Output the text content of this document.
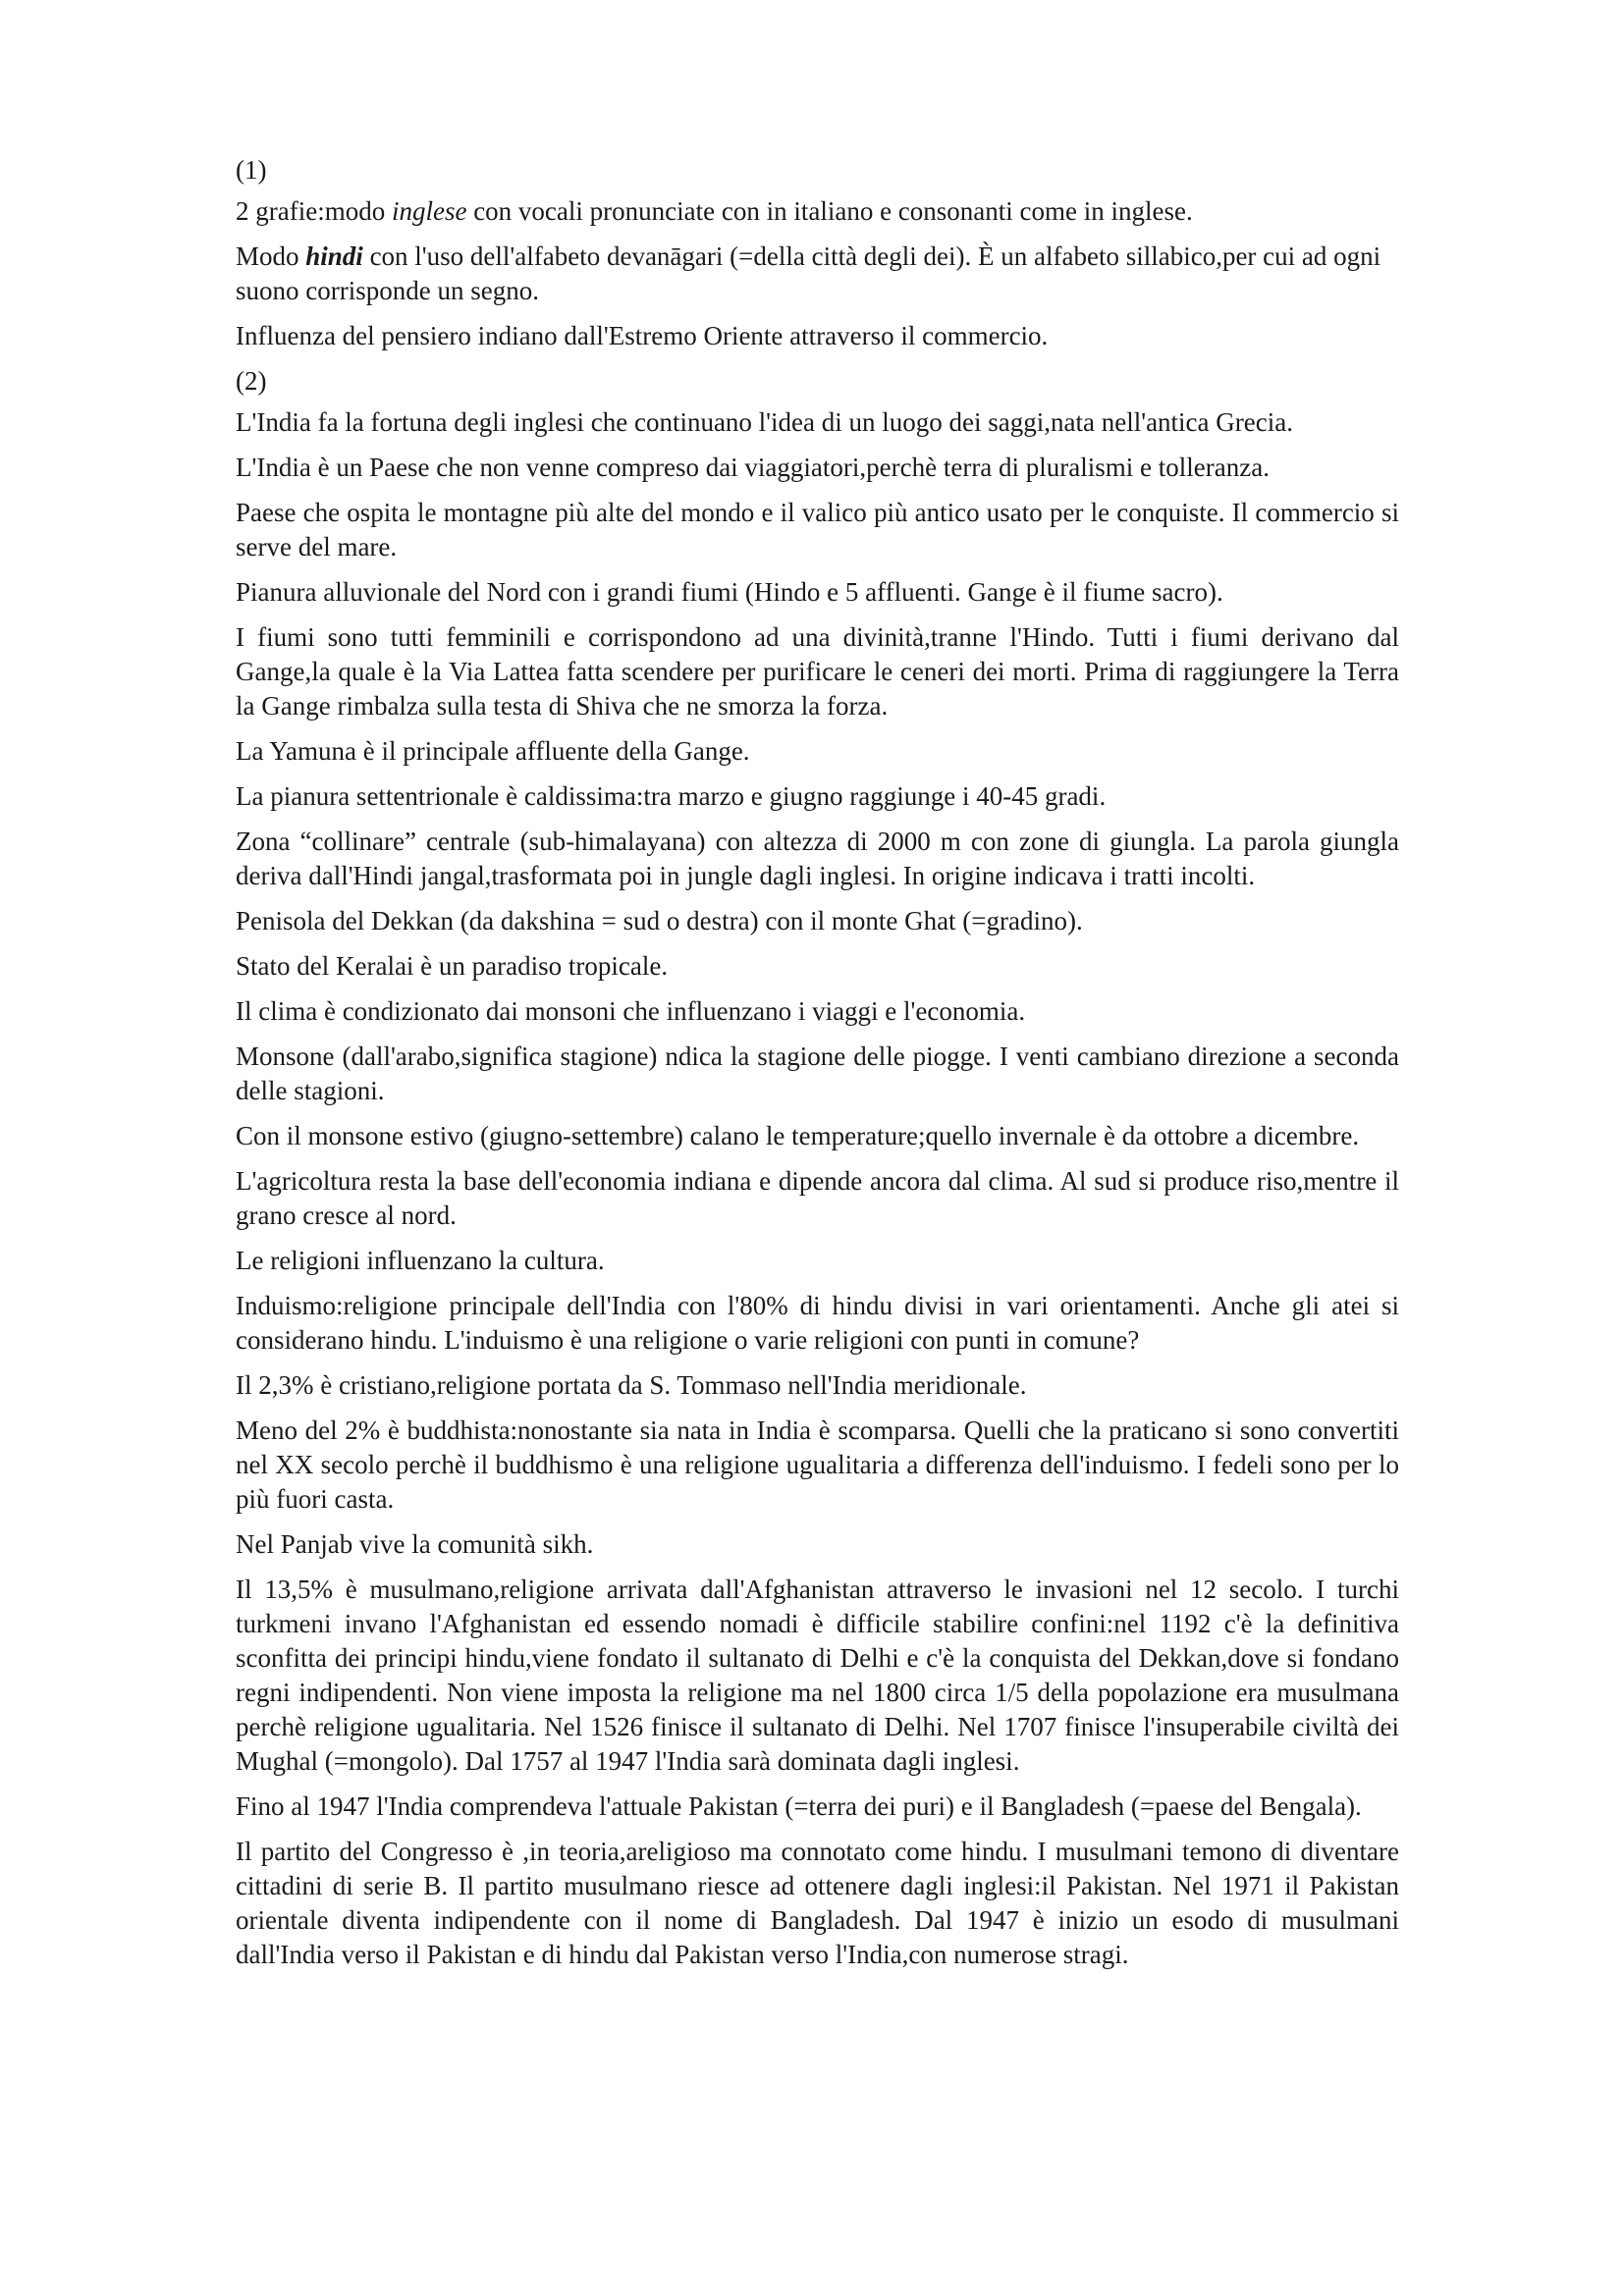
(1)

2 grafie:modo inglese con vocali pronunciate con in italiano e consonanti come in inglese.

Modo hindi con l'uso dell'alfabeto devanāgari (=della città degli dei). È un alfabeto sillabico,per cui ad ogni suono corrisponde un segno.

Influenza del pensiero indiano dall'Estremo Oriente attraverso il commercio.

(2)

L'India fa la fortuna degli inglesi che continuano l'idea di un luogo dei saggi,nata nell'antica Grecia.

L'India è un Paese che non venne compreso dai viaggiatori,perchè terra di pluralismi e tolleranza.

Paese che ospita le montagne più alte del mondo e il valico più antico usato per le conquiste. Il commercio si serve del mare.

Pianura alluvionale del Nord con i grandi fiumi (Hindo e 5 affluenti. Gange è il fiume sacro).

I fiumi sono tutti femminili e corrispondono ad una divinità,tranne l'Hindo. Tutti i fiumi derivano dal Gange,la quale è la Via Lattea fatta scendere per purificare le ceneri dei morti. Prima di raggiungere la Terra la Gange rimbalza sulla testa di Shiva che ne smorza la forza.

La Yamuna è il principale affluente della Gange.

La pianura settentrionale è caldissima:tra marzo e giugno raggiunge i 40-45 gradi.

Zona “collinare” centrale (sub-himalayana) con altezza di 2000 m con zone di giungla. La parola giungla deriva dall'Hindi jangal,trasformata poi in jungle dagli inglesi. In origine indicava i tratti incolti.

Penisola del Dekkan (da dakshina = sud o destra) con il monte Ghat (=gradino).

Stato del Keralai è un paradiso tropicale.

Il clima è condizionato dai monsoni che influenzano i viaggi e l'economia.

Monsone (dall'arabo,significa stagione) ndica la stagione delle piogge. I venti cambiano direzione a seconda delle stagioni.

Con il monsone estivo (giugno-settembre) calano le temperature;quello invernale è da ottobre a dicembre.

L'agricoltura resta la base dell'economia indiana e dipende ancora dal clima. Al sud si produce riso,mentre il grano cresce al nord.

Le religioni influenzano la cultura.

Induismo:religione principale dell'India con l'80% di hindu divisi in vari orientamenti. Anche gli atei si considerano hindu. L'induismo è una religione o varie religioni con punti in comune?

Il 2,3% è cristiano,religione portata da S. Tommaso nell'India meridionale.

Meno del 2% è buddhista:nonostante sia nata in India è scomparsa. Quelli che la praticano si sono convertiti nel XX secolo perchè il buddhismo è una religione ugualitaria a differenza dell'induismo. I fedeli sono per lo più fuori casta.

Nel Panjab vive la comunità sikh.

Il 13,5% è musulmano,religione arrivata dall'Afghanistan attraverso le invasioni nel 12 secolo. I turchi turkmeni invano l'Afghanistan ed essendo nomadi è difficile stabilire confini:nel 1192 c'è la definitiva sconfitta dei principi hindu,viene fondato il sultanato di Delhi e c'è la conquista del Dekkan,dove si fondano regni indipendenti. Non viene imposta la religione ma nel 1800 circa 1/5 della popolazione era musulmana perchè religione ugualitaria. Nel 1526 finisce il sultanato di Delhi. Nel 1707 finisce l'insuperabile civiltà dei Mughal (=mongolo). Dal 1757 al 1947 l'India sarà dominata dagli inglesi.

Fino al 1947 l'India comprendeva l'attuale Pakistan (=terra dei puri) e il Bangladesh (=paese del Bengala).

Il partito del Congresso è ,in teoria,areligioso ma connotato come hindu. I musulmani temono di diventare cittadini di serie B. Il partito musulmano riesce ad ottenere dagli inglesi:il Pakistan. Nel 1971 il Pakistan orientale diventa indipendente con il nome di Bangladesh. Dal 1947 è inizio un esodo di musulmani dall'India verso il Pakistan e di hindu dal Pakistan verso l'India,con numerose stragi.
